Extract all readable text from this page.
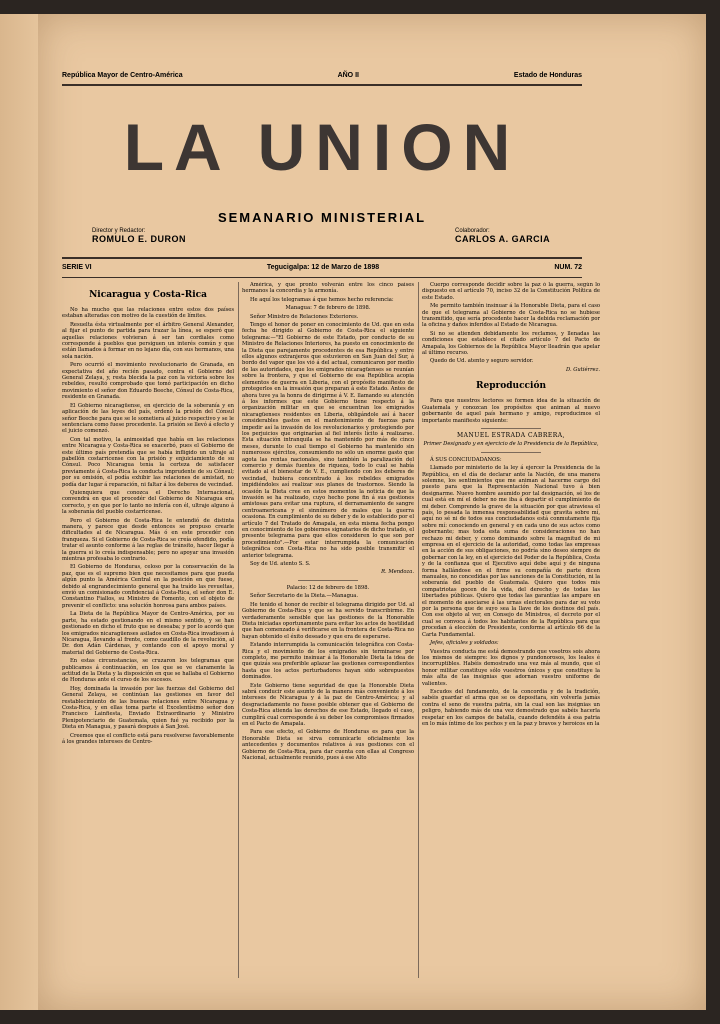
República Mayor de Centro-América	AÑO II	Estado de Honduras
LA UNION
SEMANARIO MINISTERIAL
Director y Redactor:
ROMULO E. DURON
Colaborador:
CARLOS A. GARCIA
SERIE VI	Tegucigalpa: 12 de Marzo de 1898	NUM. 72
Nicaragua y Costa-Rica

No ha mucho que las relaciones entre estos dos países estaban alteradas con motivo de la cuestión de límites.

Resuelta ésta virtualmente por el árbitro General Alexander, al fijar el punto de partida para trazar la línea, se esperó que aquellas relaciones volvieran á ser tan cordiales como corresponde á pueblos que persiguen un interés común y que están llamados á formar en no lejano día, con sus hermanos, una sola nación.

Pero ocurrió el movimiento revolucionario de Granada, en expectativa del año recién pasado, contra el Gobierno del General Zelaya, y, resta blecida la paz con la victoria sobre los rebeldes, resultó comprobado que tomó participación en dicho movimiento el señor don Eduardo Beeche, Cónsul de Costa-Rica, residente en Granada.

El Gobierno nicaragüense, en ejercicio de la soberanía y en aplicación de las leyes del país, ordenó la prisión del Cónsul señor Beeche para que se le sometiera al juicio respectivo y se le sentenciara como fuese procedente. La prisión se llevó á efecto y el juicio comenzó.

Con tal motivo, la animosidad que había en las relaciones entre Nicaragua y Costa-Rica se exacerbó, pues el Gobierno de este último país pretendía que se había infligido un ultraje al pabellón costarricense con la prisión y enjuiciamiento de su Cónsul. Poco Nicaragua tenía la certeza de satisfacer previamente á Costa-Rica la conducta imprudente de su Cónsul; por su omisión, el podía exhibir las relaciones de amistad, no podía dar lugar á reparación, ni faltar á los deberes de vecindad.

Quienquiera que conozca el Derecho Internacional, convendrá en que el procedér del Gobierno de Nicaragua era correcto, y en que por lo tanto no infería con él, ultraje alguno á la soberanía del pueblo costarricense.

Pero el Gobierno de Costa-Rica le entendió de distinta manera, y parece que desde entonces se propuso crearle dificultades al de Nicaragua. Más ó en este procedér con franqueza. Si el Gobierno de Costa-Rica se creía ofendido, podía tratar el asunto conforme á las reglas de tránsito, hacer llegar á la guerra si lo creía indispensable; pero no apoyar una invasión mientras profesaba lo contrario.

El Gobierno de Honduras, celoso por la conservación de la paz, que es el supremo bien que necesitamos para que pueda algún punto la América Central en la posición en que fuese, debido al engrandecimiento general que ha traído las revueltas, envió un comisionado confidencial á Costa-Rica, el señor don E. Constantino Fiallos, su Ministro de Fomento, con el objeto de prevenir el conflicto: una solución honrosa para ambos países.

La Dieta de la República Mayor de Centro-América, por su parte, ha estado gestionando en el mismo sentido, y se han gestionado en dicho el fruto que se deseaba; y por lo acordó que los emigrados nicaragüenses asilados en Costa-Rica invadiesen á Nicaragua, llevando al frente, como caudillo de la revolución, al Dr. don Adán Cárdenas, y contando con el apoyo moral y material del Gobierno de Costa-Rica.

En estas circunstancias, se cruzaron los telegramas que publicamos á continuación, en los que se ve claramente la actitud de la Dieta y la disposición en que se hallaba el Gobierno de Honduras ante el curso de los sucesos.

Hoy, dominada la invasión por las fuerzas del Gobierno del General Zelaya, se continúan las gestiones en favor del restablecimiento de las buenas relaciones entre Nicaragua y Costa-Rica, y en ellas toma parte el Excelentísimo señor don Francisco Lainfiesta, Enviado Extraordinario y Ministro Plenipotenciario de Guatemala, quien fué ya recibido por la Dieta en Managua, y pasará después á San José.

Creemos que el conflicto está para resolverse favorablemente á los grandes intereses de Centro-

América, y que pronto volverán entre los cinco países hermanos la concordia y la armonía.

He aquí los telegramas á que hemos hecho referencia:

Managua: 7 de febrero de 1898.

Señor Ministro de Relaciones Exteriores.

Tengo el honor de poner en conocimiento de Ud. que en esta fecha he dirigido al Gobierno de Costa-Rica el siguiente telegrama:—"El Gobierno de este Estado, por conducto de su Ministro de Relaciones Interiores, ha puesto en conocimiento de la Dieta que parejamente procedentes de esa República y entre ellos algunos extranjeros que estuvieron en San Juan del Sur, á bordo del vapor que los vió á del actual, comunicaron por medio de las autoridades, que los emigrados nicaragüenses se reunían sobre la frontera, y que el Gobierno de esa República acopia elementos de guerra en Liberia, con el propósito manifiesto de protegerlos en la invasión que preparan á este Estado. Antes de ahora tuve ya la honra de dirigirme á V. E. llamando su atención á los informes que este Gobierno tiene respecto á la organización militar en que se encuentran los emigrados nicaragüenses residentes en Liberia, obligándole así á hacer considerables gastos en el mantenimiento de fuerzas para impedir así la invasión de los revolucionarios y protegiendo por los perjuicios que originarían al fiel interés lícito á realizarse. Esta situación intranquila se ha mantenido por más de cinco meses, durante lo cual tiempo el Gobierno ha mantenido sin numerosos ejércitos, consumiendo no sólo un enorme gasto que agota las rentas nacionales, sino también la paralización del comercio y demás fuentes de riqueza, todo lo cual se había evitado al el bienestar de V. E., cumpliendo con los deberes de vecindad, hubiera concentrado á los rebeldes emigrados impidiéndoles así realizar sus planes de trastornos. Siendo la ocasión la Dieta cree en estos momentos la noticia de que la invasión se ha realizado, cuyo hecho pone fin á sus gestiones amistosas para evitar una ruptura, el derramamiento de sangre centroamericana y el sinnúmero de males que la guerra ocasiona. En cumplimiento de su deber y de lo establecido por el artículo 7 del Tratado de Amapala, en esta misma fecha pongo en conocimiento de los gobiernos signatarios de dicho tratado, el presente telegrama para que ellos consideren lo que son por procedimiento".—Por estar interrumpida la comunicación telegráfica con Costa-Rica no ha sido posible transmitir el anterior telegrama.

Soy de Ud. atento S. S.

R. Mendoza.

Palacio: 12 de febrero de 1898.

Señor Secretario de la Dieta.—Managua.

He tenido el honor de recibir el telegrama dirigido por Ud. al Gobierno de Costa-Rica y que se ha servido transcribirme. En verdaderamente sensible que las gestiones de la Honorable Dieta iniciadas oportunamente para evitar los actos de hostilidad que han comenzado á verificarse en la frontera de Costa-Rica no hayan obtenido el éxito deseado y que era de esperarse.

Estando interrumpida la comunicación telegráfica con Costa-Rica y el movimiento de los emigrados sin terminarse por completo, me permito insinuar á la Honorable Dieta la idea de que quizás sea preferible aplazar las gestiones correspondientes hasta que los actos perturbadores hayan sido sobrepuestos dominados.

Este Gobierno tiene seguridad de que la Honorable Dieta sabrá conducir este asunto de la manera más conveniente á los intereses de Nicaragua y á la paz de Centro-América; y al desgraciadamente no fuese posible obtener que el Gobierno de Costa-Rica atienda las derechos de ese Estado, llegado el caso, cumplirá cual corresponde á su deber los compromisos firmados en el Pacto de Amapala.

Para ese efecto, el Gobierno de Honduras es para que la Honorable Dieta se sirva comunicarle oficialmente los antecedentes y documentos relativos á sus gestiones con el Gobierno de Costa-Rica, para dar cuenta con ellas al Congreso Nacional, actualmente reunido, pues á ese Alto

Cuerpo corresponde decidir sobre la paz ó la guerra, según lo dispuesto en el artículo 70, inciso 32 de la Constitución Política de este Estado.

Me permito también insinuar á la Honorable Dieta, para el caso de que el telegrama al Gobierno de Costa-Rica no se hubiese transmitido, que sería procedente hacer la debida reclamación por la oficina y daños inferidos al Estado de Nicaragua.

Si no se atienden debidamente los reclamos, y llenadas las condiciones que establece el citado artículo 7 del Pacto de Amapala, los Gobiernos de la República Mayor lleadrán que apelar al último recurso.

Quedo de Ud. atento y seguro servidor.

D. Gutiérrez.

Reproducción

Para que nuestros lectores se formen idea de la situación de Guatemala y conozcan los propósitos que animan al nuevo gobernante de aquel país hermano y amigo, reproducimos el importante manifiesto siguiente:

MANUEL ESTRADA CABRERA,

Primer Designado y en ejercicio de la Presidencia de la República,

Á SUS CONCIUDADANOS:

Llamado por ministerio de la ley á ejercer la Presidencia de la República, en el día de declarar ante la Nación, de una manera solemne, los sentimientos que me animan al hacerme cargo del puesto para que la Representación Nacional tuvo á bien designarme. Nuevo hombre asumido por tal designación, sé los de cual está en mí el deber no me iba á departir el cumplimiento de mi deber. Comprendo la grave de la situación por que atraviesa el país, lo pesada la inmensa responsabilidad que gravita sobre mí, aquí no sé ni de todos sus conciudadanos está conmutamente fija sobre mí: conociendo en general y en cada uno de sus actos como gobernante; mas toda esta suma de consideraciones no han rechazo mi deber, y como dominando sobre la magnitud de mi empresa en el ejercicio de la autoridad, como todas las empresas en la acción de sus obligaciones, no podría sino deseo siempre de gobernar con la ley, en el ejercicio del Poder de la República, Costa y de la confianza que el Ejecutivo aquí debe aquí y de ninguna forma hallándose en el firme su compañía de parte dicen manuales, no concedidas por las sanciones de la Constitución, ni la soberanía del pueblo de Guatemala. Quiero que todos mis compatriotas gocen de la vida, del derecho y de todas las libertades públicas. Quiero que todas las garantías las ampare en el momento de asociarse á las urnas electorales para dar su voto por la persona que de suyo sea la llave de los destinos del país. Con ese objeto al ver, en Consejo de Ministros, el decreto por el cual se convoca á todos los habitantes de la República para que procedan á elección de Presidente, conforme al artículo 66 de la Carta Fundamental.

Jefes, oficiales y soldados:

Vuestra conducta me está demostrando que vosotros sois ahora los mismos de siempre: los dignos y pundonorosos, los leales é incorruptibles. Habéis demostrado una vez más al mundo, que el honor militar constituye sólo vuestros únicos y que constituye la más alta de las insignias que adornan vuestro uniforme de valientes.

Escudos del fundamento, de la concordia y de la tradición, sabéis guardar el arma que se os depositara, sin volverla jamás contra el seno de vuestra patria, sin la cual son las insignias un peligro, habiendo más de una vez demostrado que sabéis hacerla respetar en los campos de batalla, cuando defendéis á esa patria en lo más íntimo de los pechos y en la paz y bravos y heroicos en la
